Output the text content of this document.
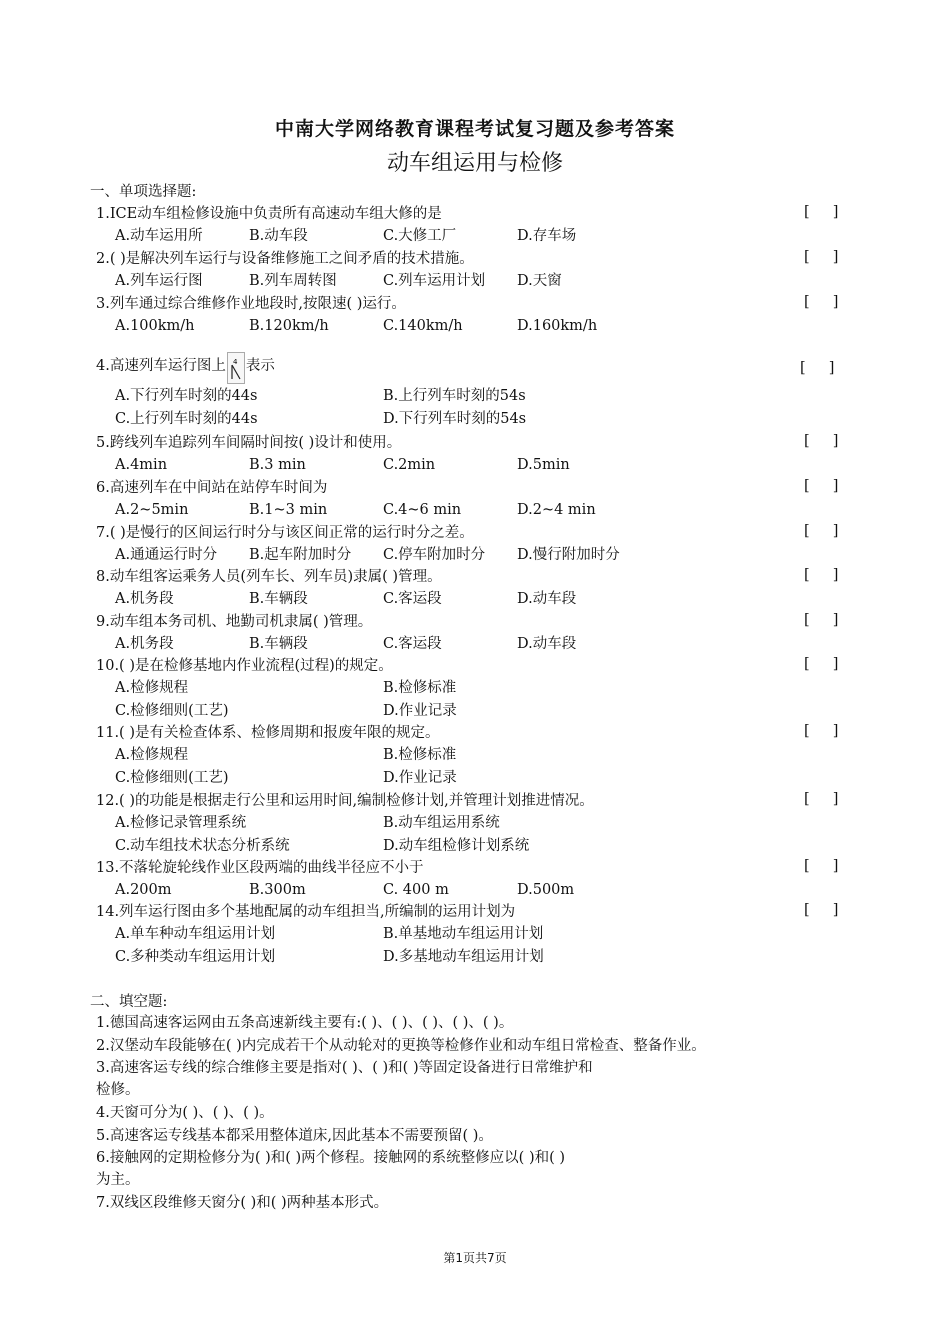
中南大学网络教育课程考试复习题及参考答案
动车组运用与检修
一、单项选择题:
1.ICE动车组检修设施中负责所有高速动车组大修的是	[     ]
A.动车运用所	B.动车段	C.大修工厂	D.存车场
2.( )是解决列车运行与设备维修施工之间矛盾的技术措施。	[     ]
A.列车运行图	B.列车周转图	C.列车运用计划 D.天窗
3.列车通过综合维修作业地段时,按限速( )运行。	[     ]
A.100km/h	B.120km/h	C.140km/h	D.160km/h
4.高速列车运行图上 4 表示	[     ]
A.下行列车时刻的44s	B.上行列车时刻的54s
C.上行列车时刻的44s	D.下行列车时刻的54s
5.跨线列车追踪列车间隔时间按( )设计和使用。	[     ]
A.4min	B.3 min	C.2min	D.5min
6.高速列车在中间站在站停车时间为	[     ]
A.2~5min	B.1~3 min	C.4~6 min	D.2~4 min
7.( )是慢行的区间运行时分与该区间正常的运行时分之差。	[     ]
A.通通运行时分 B.起车附加时分 C.停车附加时分 D.慢行附加时分
8.动车组客运乘务人员(列车长、列车员)隶属( )管理。	[     ]
A.机务段	B.车辆段	C.客运段	D.动车段
9.动车组本务司机、地勤司机隶属( )管理。	[     ]
A.机务段	B.车辆段	C.客运段	D.动车段
10.( )是在检修基地内作业流程(过程)的规定。	[     ]
A.检修规程	B.检修标准
C.检修细则(工艺)	D.作业记录
11.( )是有关检查体系、检修周期和报废年限的规定。	[     ]
A.检修规程	B.检修标准
C.检修细则(工艺)	D.作业记录
12.( )的功能是根据走行公里和运用时间,编制检修计划,并管理计划推进情况。	[     ]
A.检修记录管理系统	B.动车组运用系统
C.动车组技术状态分析系统	D.动车组检修计划系统
13.不落轮旋轮线作业区段两端的曲线半径应不小于	[     ]
A.200m	B.300m	C. 400 m	D.500m
14.列车运行图由多个基地配属的动车组担当,所编制的运用计划为	[     ]
A.单车种动车组运用计划	B.单基地动车组运用计划
C.多种类动车组运用计划	D.多基地动车组运用计划
二、填空题:
1.德国高速客运网由五条高速新线主要有:( )、( )、( )、( )、( )。
2.汉堡动车段能够在( )内完成若干个从动轮对的更换等检修作业和动车组日常检查、整备作业。
3.高速客运专线的综合维修主要是指对( )、( )和( )等固定设备进行日常维护和
检修。
4.天窗可分为( )、( )、( )。
5.高速客运专线基本都采用整体道床,因此基本不需要预留( )。
6.接触网的定期检修分为( )和( )两个修程。接触网的系统整修应以( )和( )
为主。
7.双线区段维修天窗分( )和( )两种基本形式。
第1页共7页
